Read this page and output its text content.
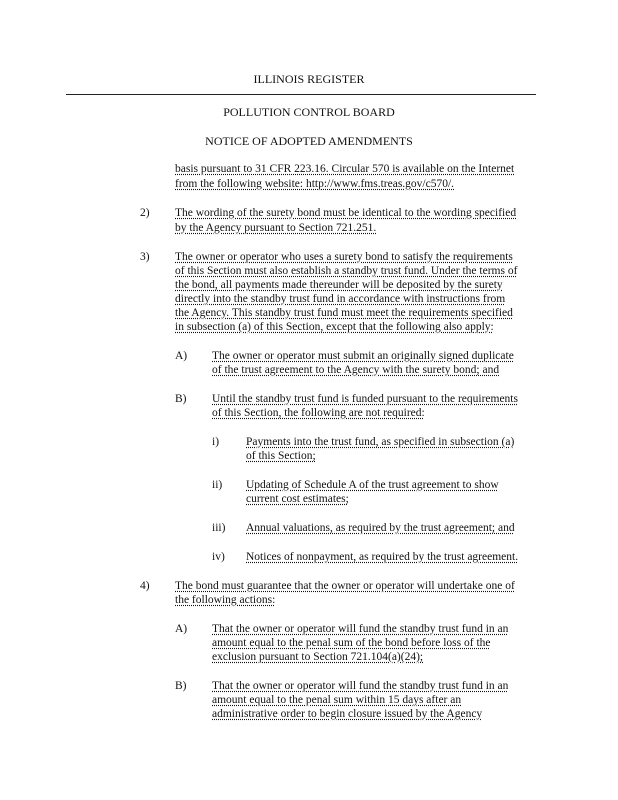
ILLINOIS REGISTER
POLLUTION CONTROL BOARD
NOTICE OF ADOPTED AMENDMENTS
basis pursuant to 31 CFR 223.16. Circular 570 is available on the Internet
from the following website: http://www.fms.treas.gov/c570/.
2) The wording of the surety bond must be identical to the wording specified
by the Agency pursuant to Section 721.251.
3) The owner or operator who uses a surety bond to satisfy the requirements
of this Section must also establish a standby trust fund. Under the terms of
the bond, all payments made thereunder will be deposited by the surety
directly into the standby trust fund in accordance with instructions from
the Agency. This standby trust fund must meet the requirements specified
in subsection (a) of this Section, except that the following also apply:
A) The owner or operator must submit an originally signed duplicate
of the trust agreement to the Agency with the surety bond; and
B) Until the standby trust fund is funded pursuant to the requirements
of this Section, the following are not required:
i) Payments into the trust fund, as specified in subsection (a)
of this Section;
ii) Updating of Schedule A of the trust agreement to show
current cost estimates;
iii) Annual valuations, as required by the trust agreement; and
iv) Notices of nonpayment, as required by the trust agreement.
4) The bond must guarantee that the owner or operator will undertake one of
the following actions:
A) That the owner or operator will fund the standby trust fund in an
amount equal to the penal sum of the bond before loss of the
exclusion pursuant to Section 721.104(a)(24);
B) That the owner or operator will fund the standby trust fund in an
amount equal to the penal sum within 15 days after an
administrative order to begin closure issued by the Agency
